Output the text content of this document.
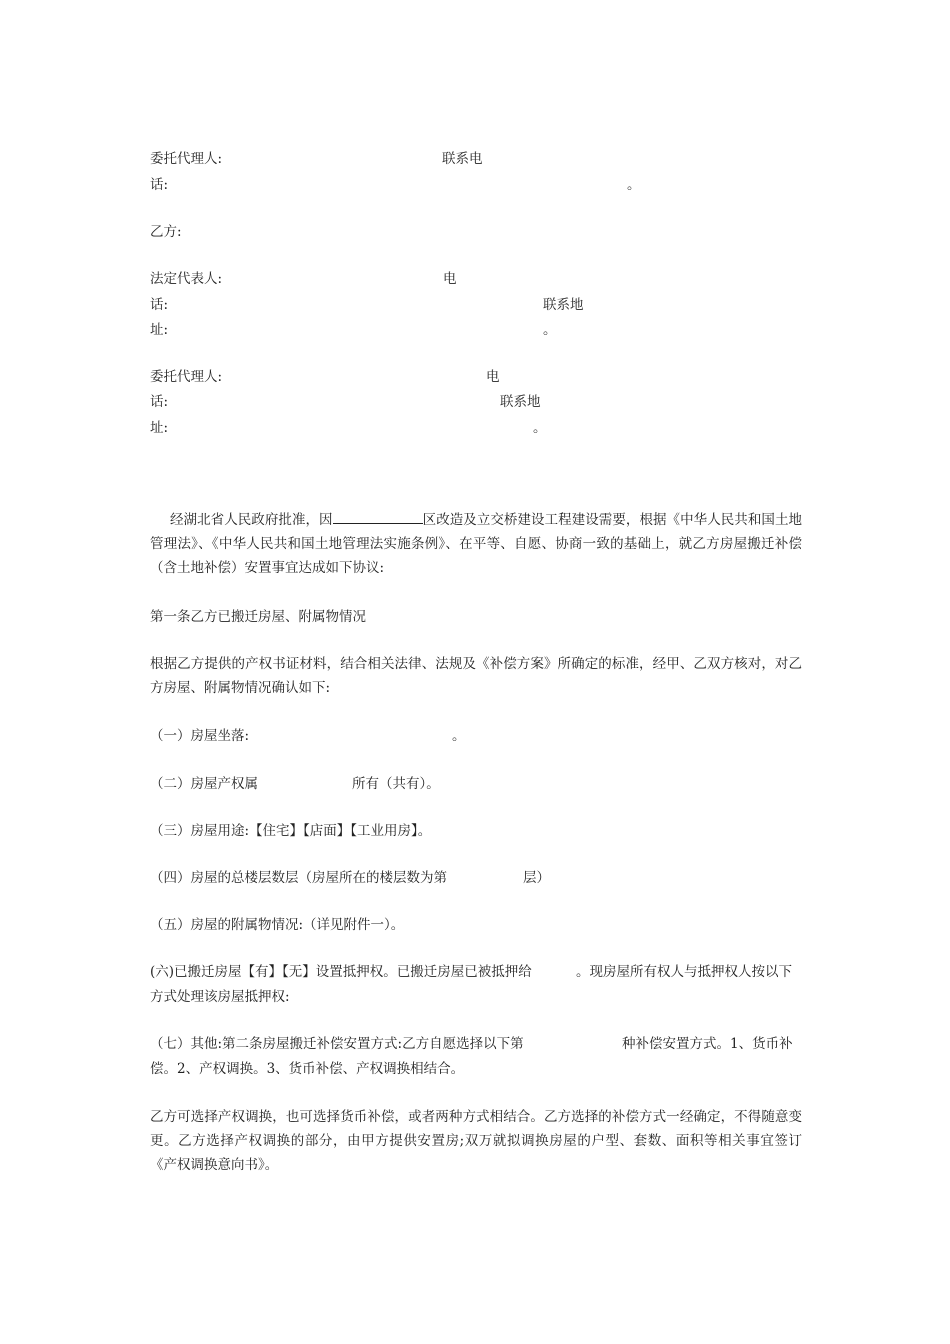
委托代理人:	联系电
话:	。
乙方:
法定代表人:	电
话:	联系地
址:	。
委托代理人:	电
话:	联系地
址:	。
经湖北省人民政府批准，因	区改造及立交桥建设工程建设需要，根据《中华人民共和国土地管理法》、《中华人民共和国土地管理法实施条例》、在平等、自愿、协商一致的基础上，就乙方房屋搬迁补偿（含土地补偿）安置事宜达成如下协议:
第一条乙方已搬迁房屋、附属物情况
根据乙方提供的产权书证材料，结合相关法律、法规及《补偿方案》所确定的标准，经甲、乙双方核对，对乙方房屋、附属物情况确认如下:
（一）房屋坐落:	。
（二）房屋产权属	所有（共有）。
（三）房屋用途:【住宅】【店面】【工业用房】。
（四）房屋的总楼层数层（房屋所在的楼层数为第	层）
（五）房屋的附属物情况:（详见附件一）。
(六)已搬迁房屋【有】【无】设置抵押权。已搬迁房屋已被抵押给	。现房屋所有权人与抵押权人按以下
方式处理该房屋抵押权:
（七）其他:第二条房屋搬迁补偿安置方式:乙方自愿选择以下第	种补偿安置方式。1、货币补
偿。2、产权调换。3、货币补偿、产权调换相结合。
乙方可选择产权调换，也可选择货币补偿，或者两种方式相结合。乙方选择的补偿方式一经确定，不得随意变更。乙方选择产权调换的部分，由甲方提供安置房;双万就拟调换房屋的户型、套数、面积等相关事宜签订《产权调换意向书》。
